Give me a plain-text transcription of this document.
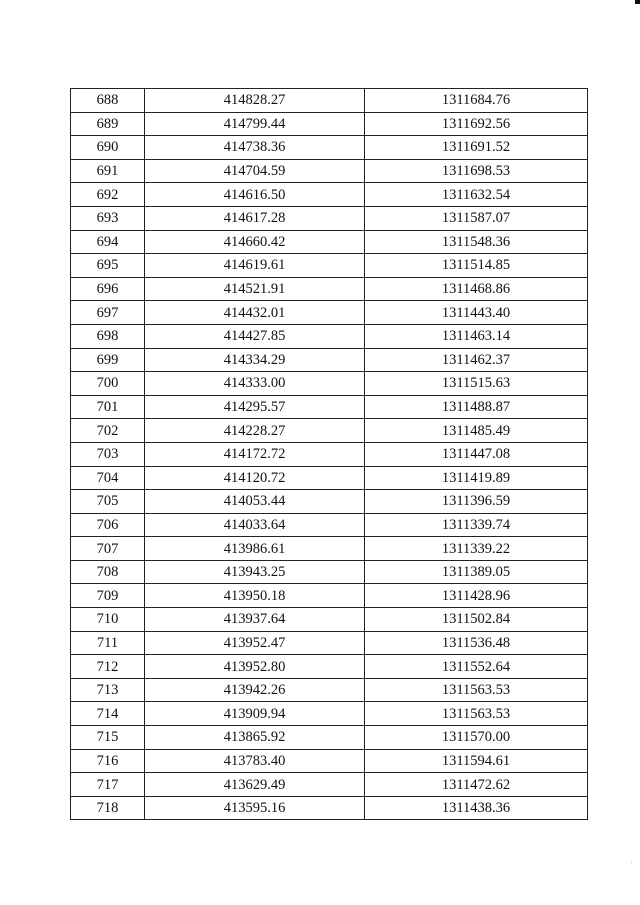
688	414828.27	1311684.76
689	414799.44	1311692.56
690	414738.36	1311691.52
691	414704.59	1311698.53
692	414616.50	1311632.54
693	414617.28	1311587.07
694	414660.42	1311548.36
695	414619.61	1311514.85
696	414521.91	1311468.86
697	414432.01	1311443.40
698	414427.85	1311463.14
699	414334.29	1311462.37
700	414333.00	1311515.63
701	414295.57	1311488.87
702	414228.27	1311485.49
703	414172.72	1311447.08
704	414120.72	1311419.89
705	414053.44	1311396.59
706	414033.64	1311339.74
707	413986.61	1311339.22
708	413943.25	1311389.05
709	413950.18	1311428.96
710	413937.64	1311502.84
711	413952.47	1311536.48
712	413952.80	1311552.64
713	413942.26	1311563.53
714	413909.94	1311563.53
715	413865.92	1311570.00
716	413783.40	1311594.61
717	413629.49	1311472.62
718	413595.16	1311438.36
